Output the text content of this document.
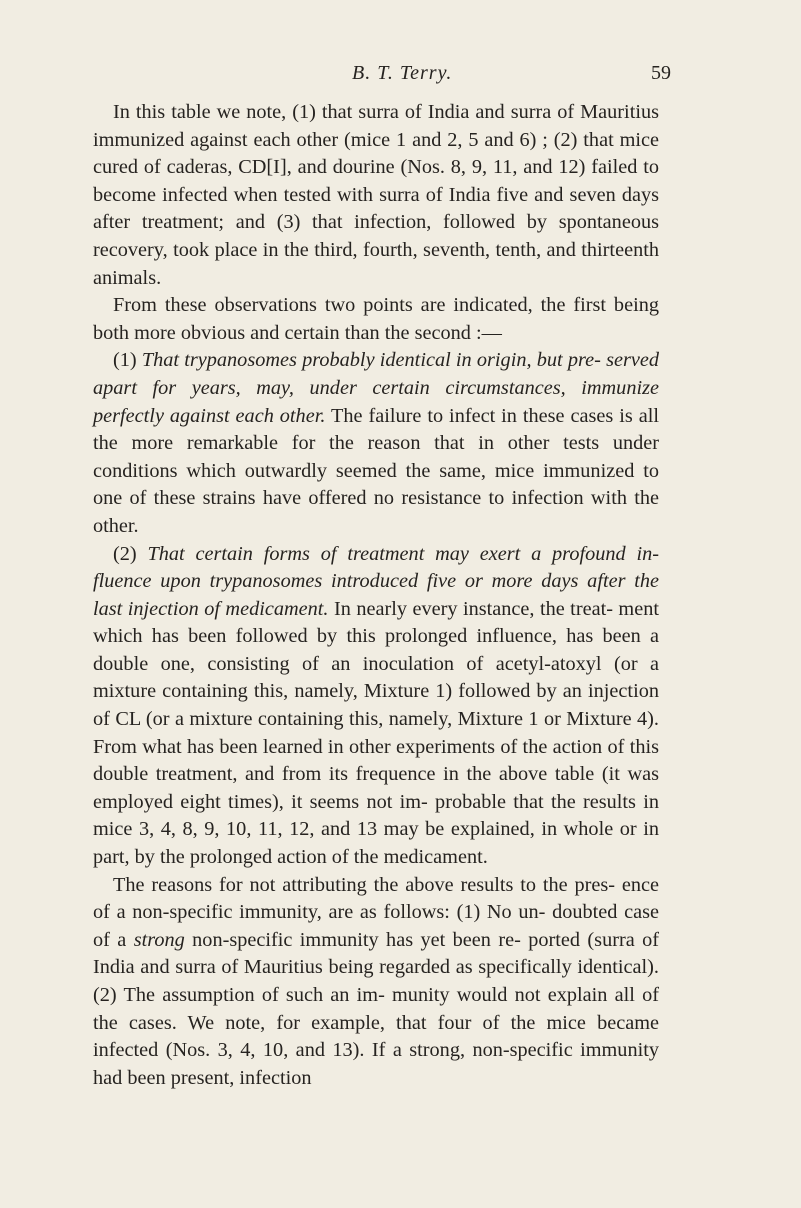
B. T. Terry.	59

In this table we note, (1) that surra of India and surra of Mauritius immunized against each other (mice 1 and 2, 5 and 6) ; (2) that mice cured of caderas, CD[I], and dourine (Nos. 8, 9, 11, and 12) failed to become infected when tested with surra of India five and seven days after treatment; and (3) that infection, followed by spontaneous recovery, took place in the third, fourth, seventh, tenth, and thirteenth animals.

From these observations two points are indicated, the first being both more obvious and certain than the second :—

(1) That trypanosomes probably identical in origin, but pre- served apart for years, may, under certain circumstances, immunize perfectly against each other. The failure to infect in these cases is all the more remarkable for the reason that in other tests under conditions which outwardly seemed the same, mice immunized to one of these strains have offered no resistance to infection with the other.

(2) That certain forms of treatment may exert a profound in- fluence upon trypanosomes introduced five or more days after the last injection of medicament. In nearly every instance, the treat- ment which has been followed by this prolonged influence, has been a double one, consisting of an inoculation of acetyl-atoxyl (or a mixture containing this, namely, Mixture 1) followed by an injection of CL (or a mixture containing this, namely, Mixture 1 or Mixture 4). From what has been learned in other experiments of the action of this double treatment, and from its frequence in the above table (it was employed eight times), it seems not im- probable that the results in mice 3, 4, 8, 9, 10, 11, 12, and 13 may be explained, in whole or in part, by the prolonged action of the medicament.

The reasons for not attributing the above results to the pres- ence of a non-specific immunity, are as follows: (1) No un- doubted case of a strong non-specific immunity has yet been re- ported (surra of India and surra of Mauritius being regarded as specifically identical). (2) The assumption of such an im- munity would not explain all of the cases. We note, for example, that four of the mice became infected (Nos. 3, 4, 10, and 13). If a strong, non-specific immunity had been present, infection
